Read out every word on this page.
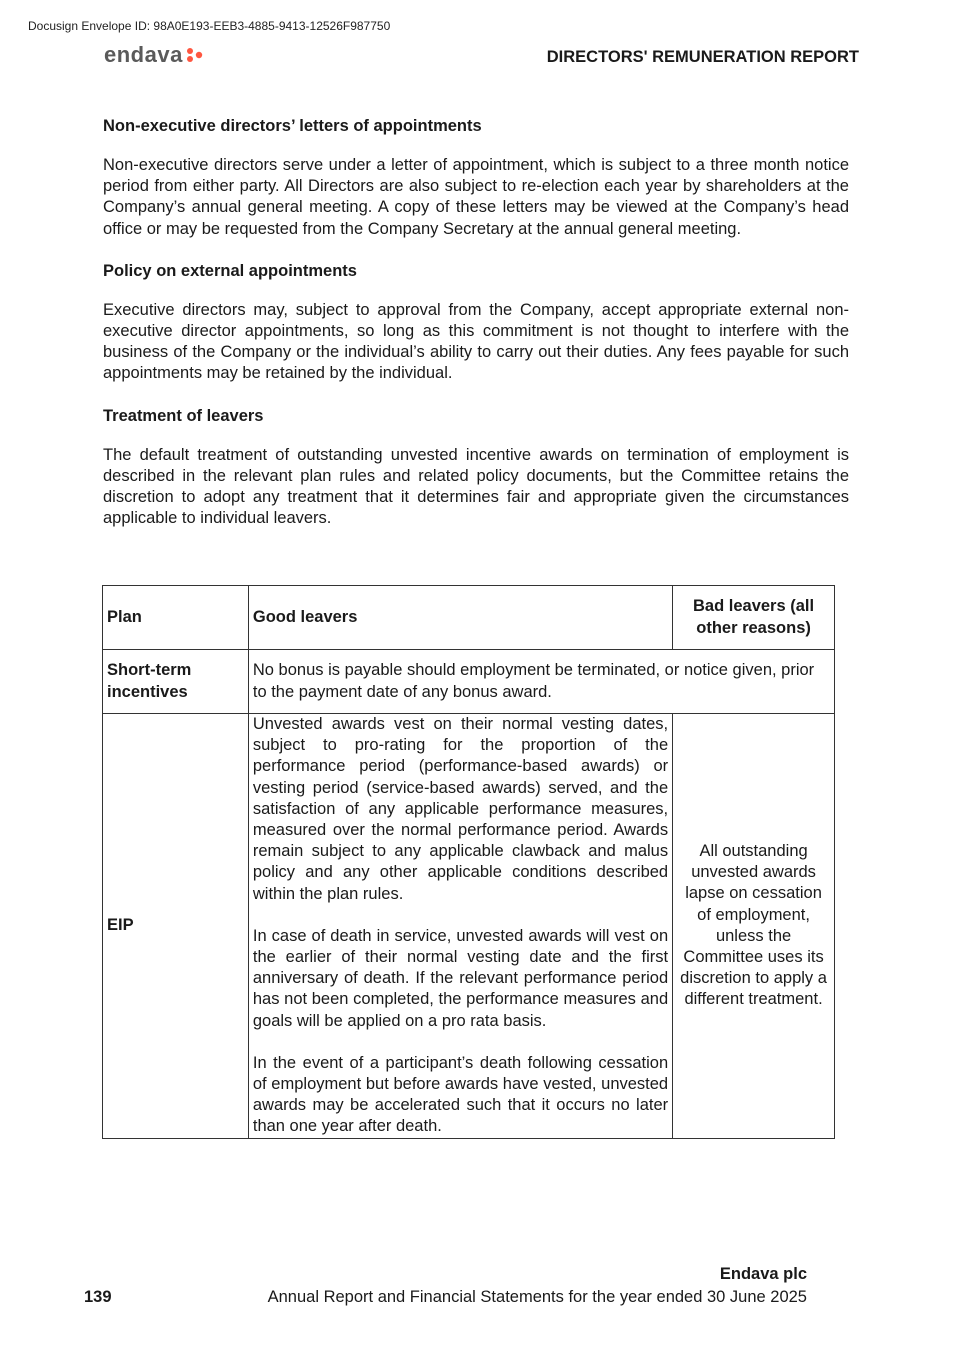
Docusign Envelope ID: 98A0E193-EEB3-4885-9413-12526F987750
endava	DIRECTORS' REMUNERATION REPORT
Non-executive directors’ letters of appointments

Non-executive directors serve under a letter of appointment, which is subject to a three month notice period from either party. All Directors are also subject to re-election each year by shareholders at the Company’s annual general meeting. A copy of these letters may be viewed at the Company’s head office or may be requested from the Company Secretary at the annual general meeting.

Policy on external appointments

Executive directors may, subject to approval from the Company, accept appropriate external non-executive director appointments, so long as this commitment is not thought to interfere with the business of the Company or the individual’s ability to carry out their duties. Any fees payable for such appointments may be retained by the individual.

Treatment of leavers

The default treatment of outstanding unvested incentive awards on termination of employment is described in the relevant plan rules and related policy documents, but the Committee retains the discretion to adopt any treatment that it determines fair and appropriate given the circumstances applicable to individual leavers.

Plan	Good leavers	Bad leavers (all other reasons)
Short-term incentives	No bonus is payable should employment be terminated, or notice given, prior to the payment date of any bonus award.	
EIP	Unvested awards vest on their normal vesting dates, subject to pro-rating for the proportion of the performance period (performance-based awards) or vesting period (service-based awards) served, and the satisfaction of any applicable performance measures, measured over the normal performance period. Awards remain subject to any applicable clawback and malus policy and any other applicable conditions described within the plan rules.

In case of death in service, unvested awards will vest on the earlier of their normal vesting date and the first anniversary of death. If the relevant performance period has not been completed, the performance measures and goals will be applied on a pro rata basis.

In the event of a participant’s death following cessation of employment but before awards have vested, unvested awards may be accelerated such that it occurs no later than one year after death.	All outstanding unvested awards lapse on cessation of employment, unless the Committee uses its discretion to apply a different treatment.
Endava plc
139	Annual Report and Financial Statements for the year ended 30 June 2025
